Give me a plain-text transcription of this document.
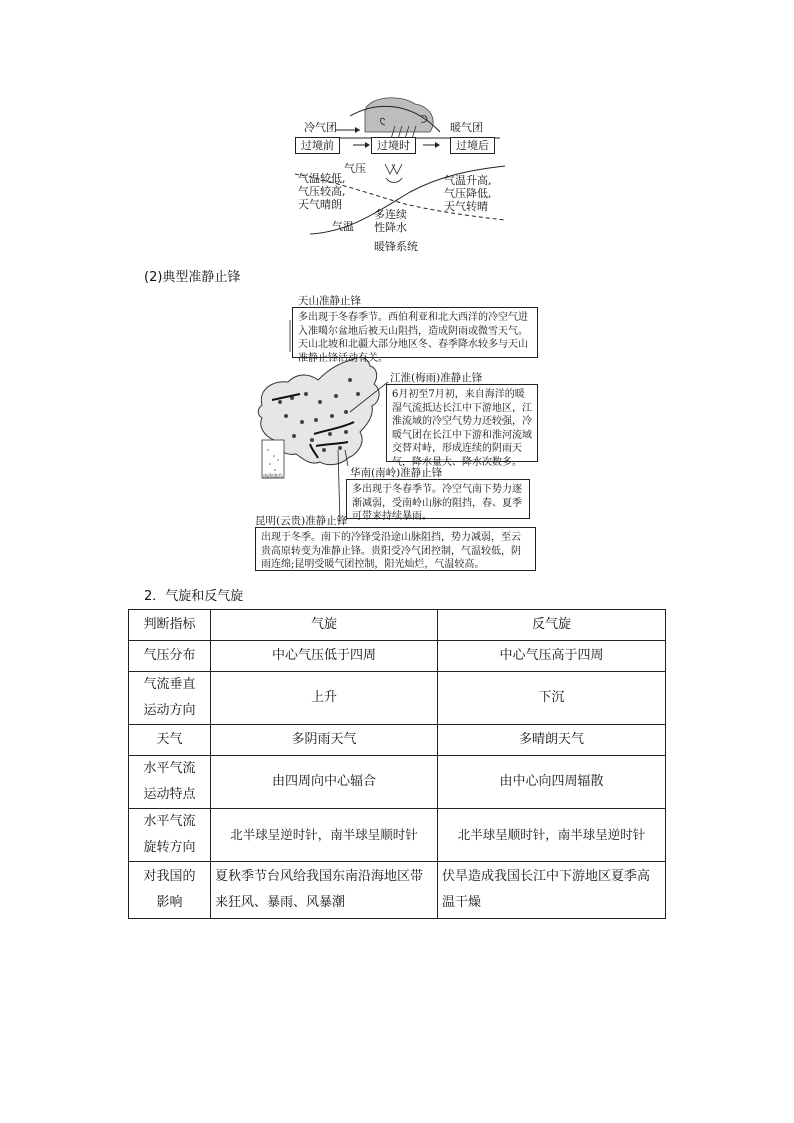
冷气团	暖气团
过境前	过境时	过境后
气压
气温
气温较低,
气压较高,
天气晴朗
多连续
性降水
气温升高,
气压降低,
天气转晴
暖锋系统
(2)典型准静止锋
南海诸岛
天山准静止锋
多出现于冬春季节。西伯利亚和北大西洋的冷空气进入准噶尔盆地后被天山阻挡，造成阴雨或微雪天气。天山北坡和北疆大部分地区冬、春季降水较多与天山准静止锋活动有关。
江淮(梅雨)准静止锋
6月初至7月初，来自海洋的暖湿气流抵达长江中下游地区，江淮流域的冷空气势力还较强，冷暖气团在长江中下游和淮河流域交替对峙，形成连续的阴雨天气，降水量大、降水次数多。
华南(南岭)准静止锋
多出现于冬春季节。冷空气南下势力逐渐减弱，受南岭山脉的阻挡，春、夏季可带来持续暴雨。
昆明(云贵)准静止锋
出现于冬季。南下的冷锋受沿途山脉阻挡，势力减弱，至云贵高原转变为准静止锋。贵阳受冷气团控制，气温较低，阴雨连绵;昆明受暖气团控制，阳光灿烂，气温较高。
2．气旋和反气旋
判断指标	气旋	反气旋
气压分布	中心气压低于四周	中心气压高于四周
气流垂直运动方向	上升	下沉
天气	多阴雨天气	多晴朗天气
水平气流运动特点	由四周向中心辐合	由中心向四周辐散
水平气流旋转方向	北半球呈逆时针，南半球呈顺时针	北半球呈顺时针，南半球呈逆时针
对我国的影响	夏秋季节台风给我国东南沿海地区带来狂风、暴雨、风暴潮	伏旱造成我国长江中下游地区夏季高温干燥
